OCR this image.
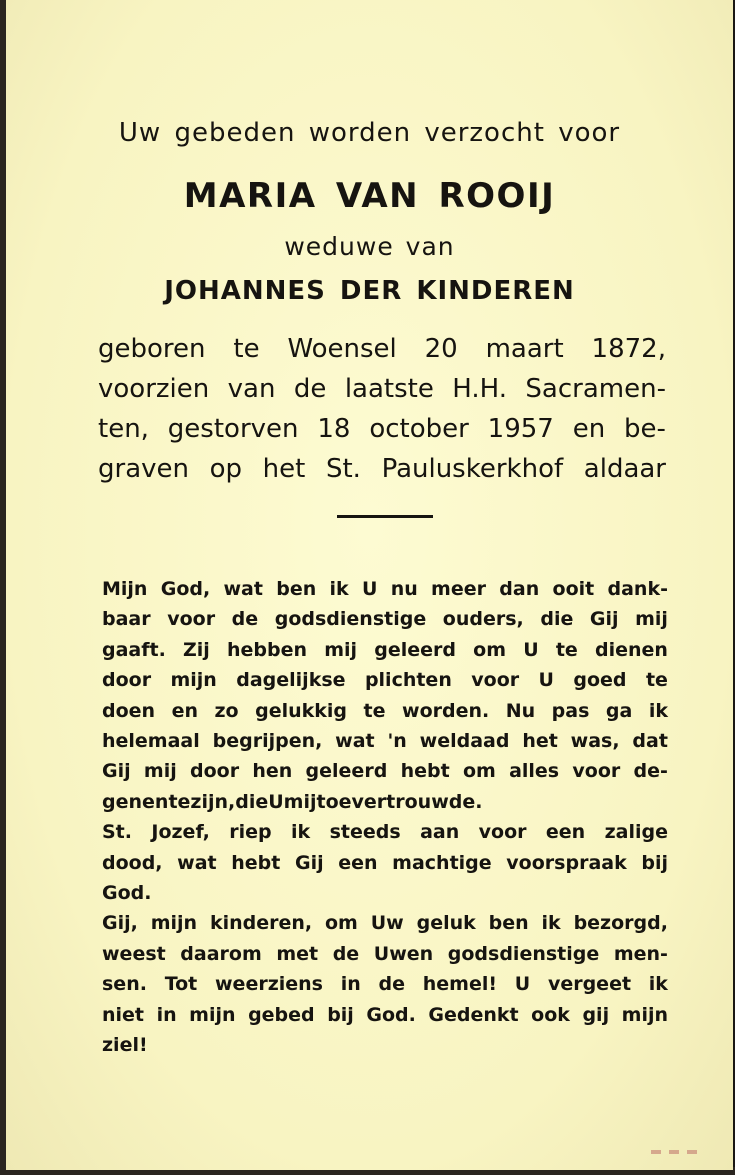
Uw gebeden worden verzocht voor
MARIA VAN ROOIJ
weduwe van
JOHANNES DER KINDEREN
geboren te Woensel 20 maart 1872,
voorzien van de laatste H.H. Sacramen-
ten, gestorven 18 october 1957 en be-
graven op het St. Pauluskerkhof aldaar
Mijn God, wat ben ik U nu meer dan ooit dank-
baar voor de godsdienstige ouders, die Gij mij
gaaft. Zij hebben mij geleerd om U te dienen
door mijn dagelijkse plichten voor U goed te
doen en zo gelukkig te worden. Nu pas ga ik
helemaal begrijpen, wat 'n weldaad het was, dat
Gij mij door hen geleerd hebt om alles voor de-
genen te zijn, die U mij toevertrouwde.
St. Jozef, riep ik steeds aan voor een zalige
dood, wat hebt Gij een machtige voorspraak bij
God.
Gij, mijn kinderen, om Uw geluk ben ik bezorgd,
weest daarom met de Uwen godsdienstige men-
sen. Tot weerziens in de hemel! U vergeet ik
niet in mijn gebed bij God. Gedenkt ook gij mijn
ziel!
